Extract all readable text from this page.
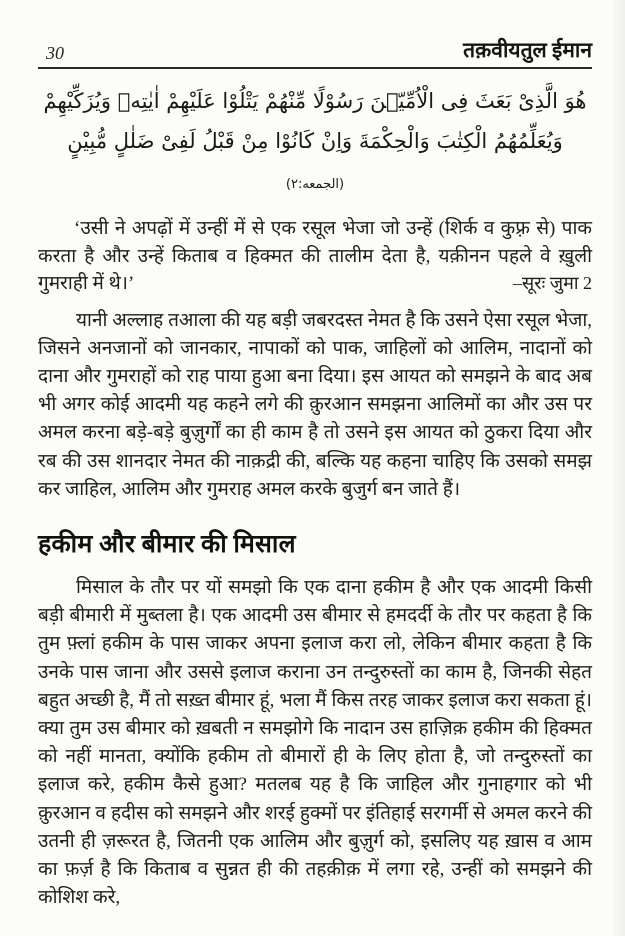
30	तक़वीयतुल ईमान
هُوَ الَّذِىْ بَعَثَ فِى الْاُمِّيّٖنَ رَسُوْلًا مِّنْهُمْ يَتْلُوْا عَلَيْهِمْ اٰيٰتِهٖ وَيُزَكِّيْهِمْ
وَيُعَلِّمُهُمُ الْكِتٰبَ وَالْحِكْمَةَ وَاِنْ كَانُوْا مِنْ قَبْلُ لَفِىْ ضَلٰلٍ مُّبِيْنٍ (الجمعه:٢)
‘उसी ने अपढ़ों में उन्हीं में से एक रसूल भेजा जो उन्हें (शिर्क व कुफ़्र से) पाक करता है और उन्हें किताब व हिक्मत की तालीम देता है, यक़ीनन पहले वे ख़ुली गुमराही में थे।’	–सूरः जुमा 2

यानी अल्लाह तआला की यह बड़ी जबरदस्त नेमत है कि उसने ऐसा रसूल भेजा, जिसने अनजानों को जानकार, नापाकों को पाक, जाहिलों को आलिम, नादानों को दाना और गुमराहों को राह पाया हुआ बना दिया। इस आयत को समझने के बाद अब भी अगर कोई आदमी यह कहने लगे की क़ुरआन समझना आलिमों का और उस पर अमल करना बड़े-बड़े बुज़ुर्गों का ही काम है तो उसने इस आयत को ठुकरा दिया और रब की उस शानदार नेमत की नाक़द्री की, बल्कि यह कहना चाहिए कि उसको समझ कर जाहिल, आलिम और गुमराह अमल करके बुजुर्ग बन जाते हैं।

हकीम और बीमार की मिसाल

मिसाल के तौर पर यों समझो कि एक दाना हकीम है और एक आदमी किसी बड़ी बीमारी में मुब्तला है। एक आदमी उस बीमार से हमदर्दी के तौर पर कहता है कि तुम फ़्लां हकीम के पास जाकर अपना इलाज करा लो, लेकिन बीमार कहता है कि उनके पास जाना और उससे इलाज कराना उन तन्दुरुस्तों का काम है, जिनकी सेहत बहुत अच्छी है, मैं तो सख़्त बीमार हूं, भला मैं किस तरह जाकर इलाज करा सकता हूं। क्या तुम उस बीमार को ख़बती न समझोगे कि नादान उस हाज़िक़ हकीम की हिक्मत को नहीं मानता, क्योंकि हकीम तो बीमारों ही के लिए होता है, जो तन्दुरुस्तों का इलाज करे, हकीम कैसे हुआ? मतलब यह है कि जाहिल और गुनाहगार को भी क़ुरआन व हदीस को समझने और शरई हुक्मों पर इंतिहाई सरगर्मी से अमल करने की उतनी ही ज़रूरत है, जितनी एक आलिम और बुज़ुर्ग को, इसलिए यह ख़ास व आम का फ़र्ज़ है कि किताब व सुन्नत ही की तहक़ीक़ में लगा रहे, उन्हीं को समझने की कोशिश करे,
